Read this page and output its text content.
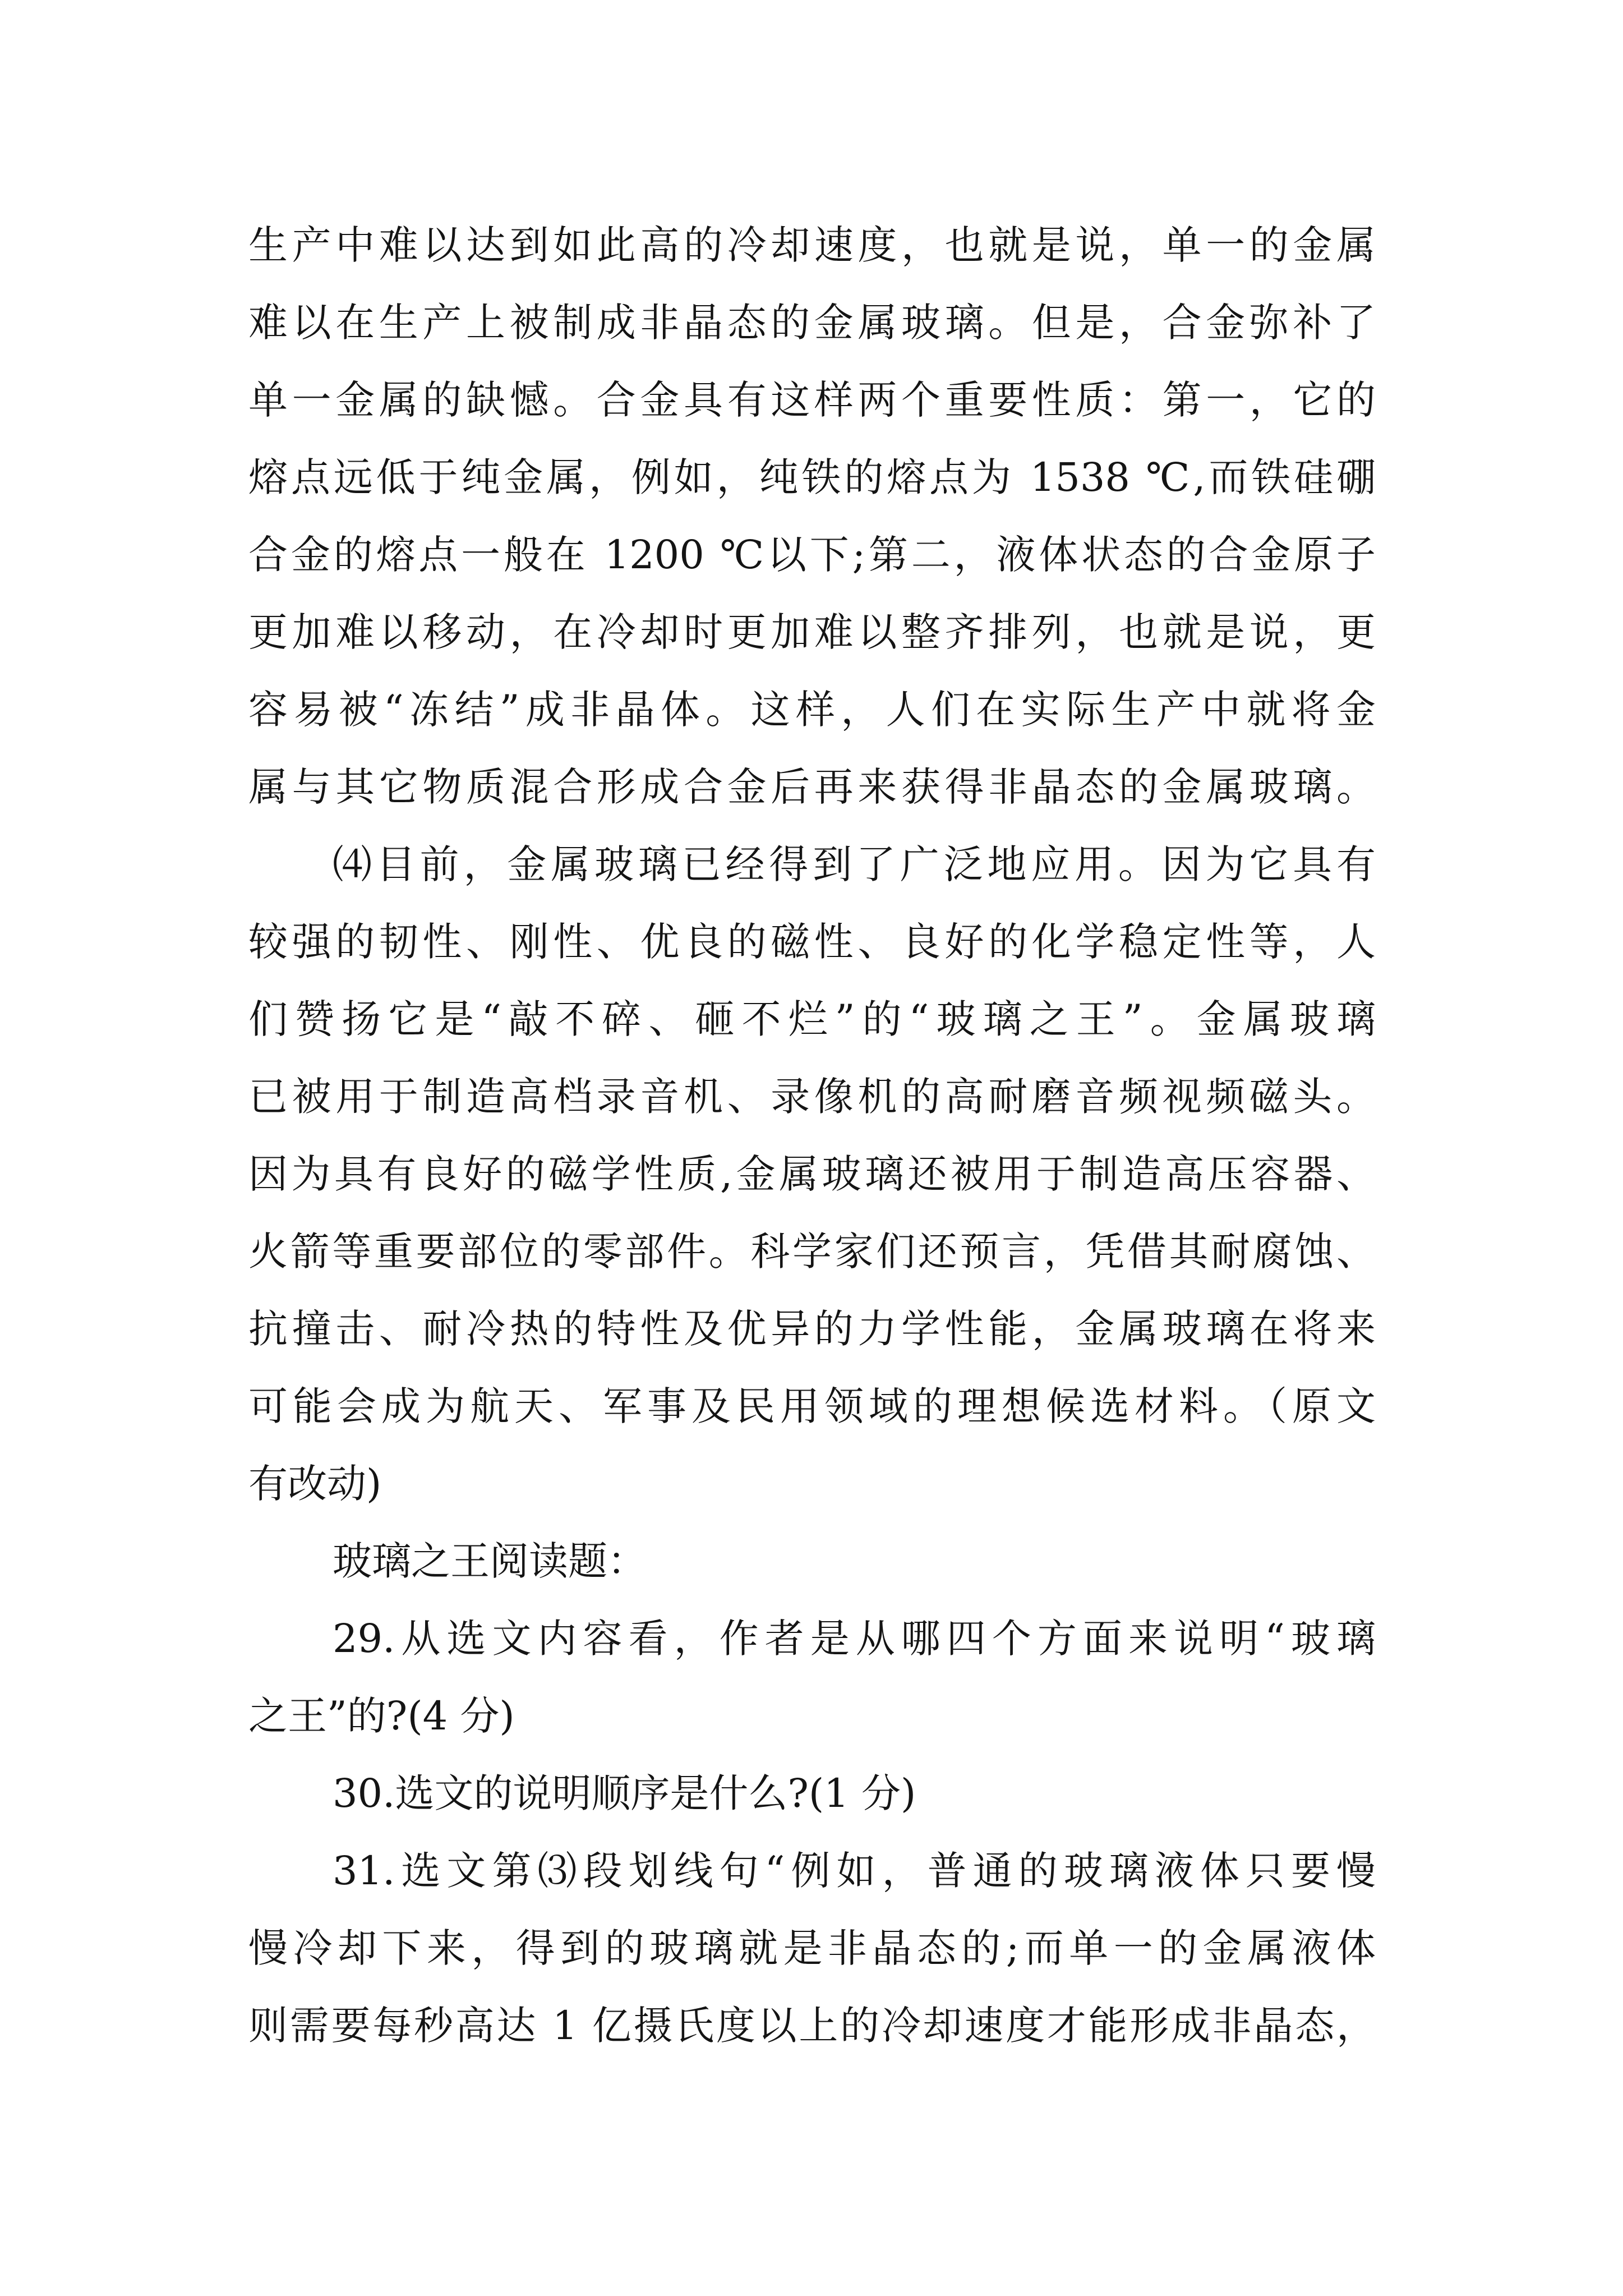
生产中难以达到如此高的冷却速度，也就是说，单一的金属
难以在生产上被制成非晶态的金属玻璃。但是，合金弥补了
单一金属的缺憾。合金具有这样两个重要性质：第一，它的
熔点远低于纯金属，例如，纯铁的熔点为 1538 ℃,而铁硅硼
合金的熔点一般在 1200 ℃以下;第二，液体状态的合金原子
更加难以移动，在冷却时更加难以整齐排列，也就是说，更
容易被“冻结”成非晶体。这样，人们在实际生产中就将金
属与其它物质混合形成合金后再来获得非晶态的金属玻璃。
⑷目前，金属玻璃已经得到了广泛地应用。因为它具有
较强的韧性、刚性、优良的磁性、良好的化学稳定性等，人
们赞扬它是“敲不碎、砸不烂”的“玻璃之王”。金属玻璃
已被用于制造高档录音机、录像机的高耐磨音频视频磁头。
因为具有良好的磁学性质,金属玻璃还被用于制造高压容器、
火箭等重要部位的零部件。科学家们还预言，凭借其耐腐蚀、
抗撞击、耐冷热的特性及优异的力学性能，金属玻璃在将来
可能会成为航天、军事及民用领域的理想候选材料。（原文
有改动)
玻璃之王阅读题：
29.从选文内容看，作者是从哪四个方面来说明“玻璃
之王”的?(4 分)
30.选文的说明顺序是什么?(1 分)
31.选文第⑶段划线句“例如，普通的玻璃液体只要慢
慢冷却下来，得到的玻璃就是非晶态的;而单一的金属液体
则需要每秒高达 1 亿摄氏度以上的冷却速度才能形成非晶态，
